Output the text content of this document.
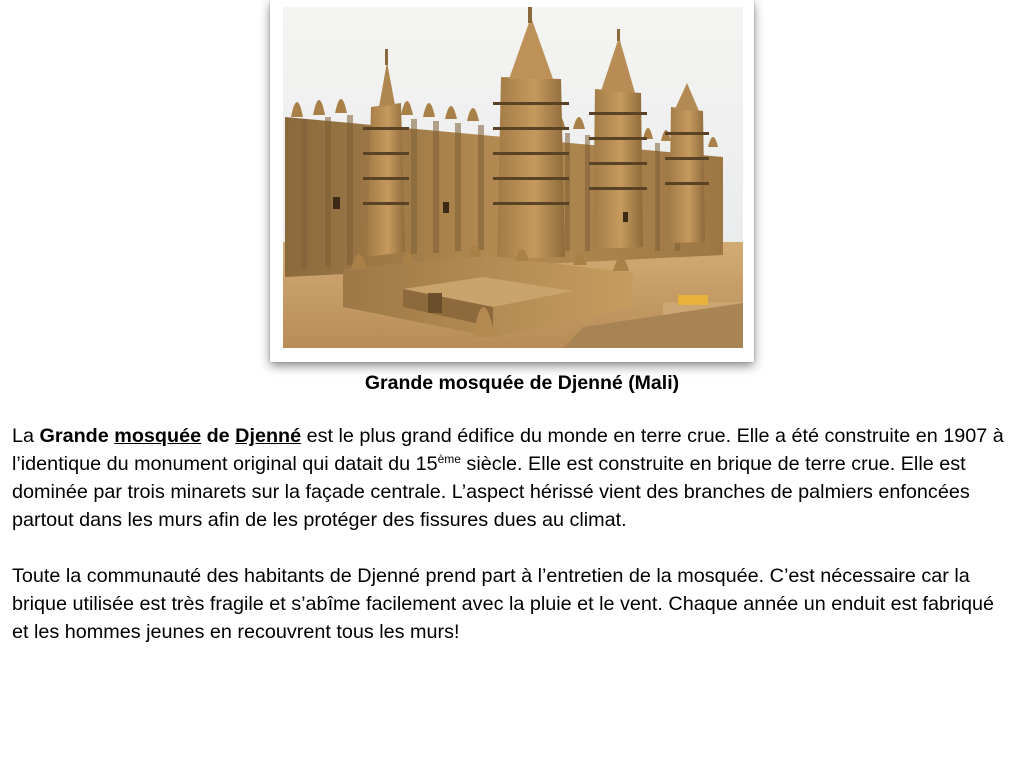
Grande mosquée de Djenné (Mali)

La Grande mosquée de Djenné est le plus grand édifice du monde en terre crue. Elle a été construite en 1907 à l’identique du monument original qui datait du 15ème siècle. Elle est construite en brique de terre crue. Elle est dominée par trois minarets sur la façade centrale. L’aspect hérissé vient des branches de palmiers enfoncées partout dans les murs afin de les protéger des fissures dues au climat.

Toute la communauté des habitants de Djenné prend part à l’entretien de la mosquée. C’est nécessaire car la brique utilisée est très fragile et s’abîme facilement avec la pluie et le vent. Chaque année un enduit est fabriqué et les hommes jeunes en recouvrent tous les murs!
